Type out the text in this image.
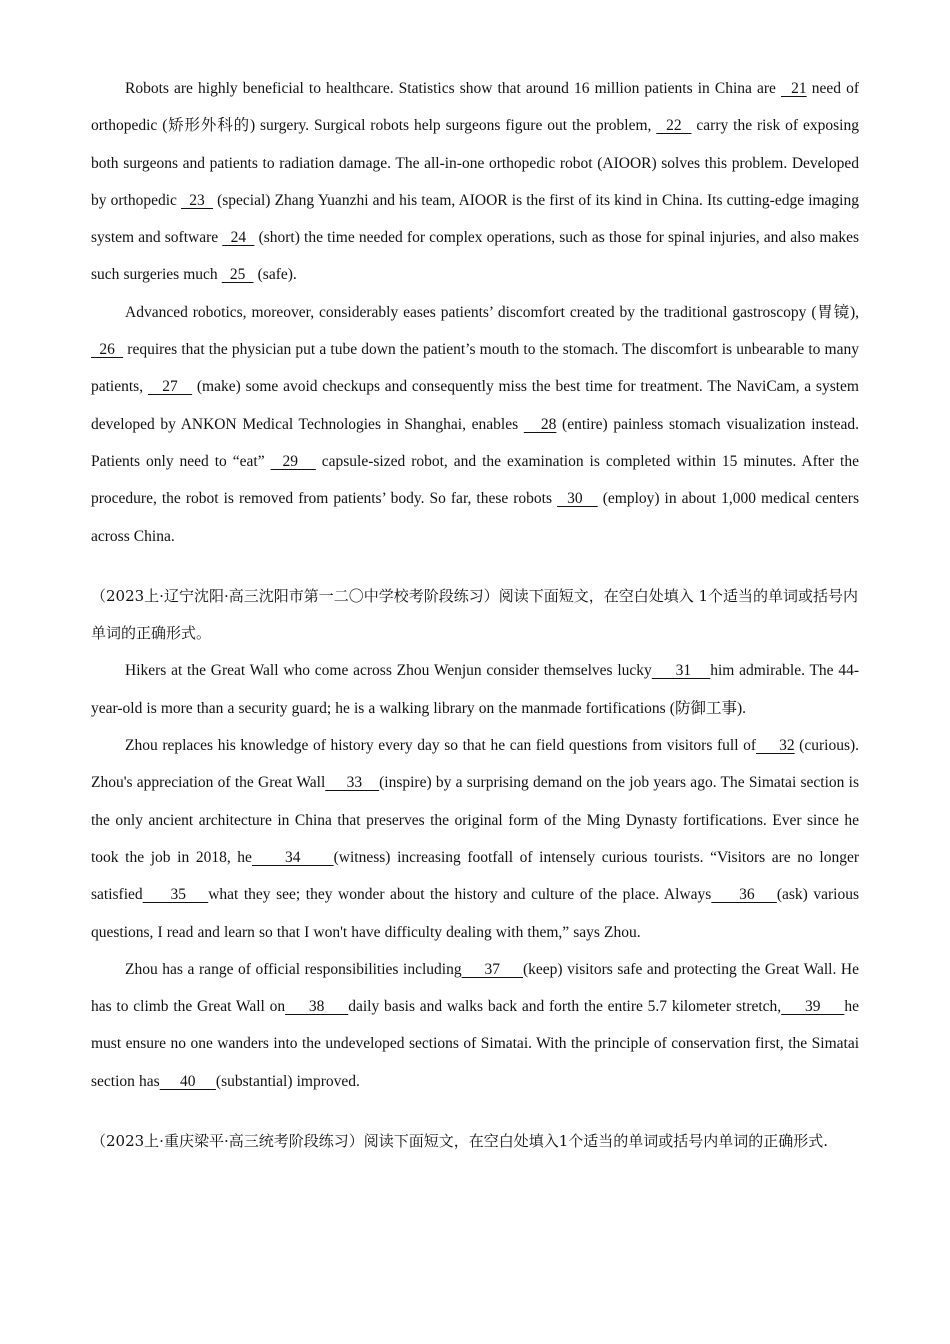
Robots are highly beneficial to healthcare. Statistics show that around 16 million patients in China are   21 need of orthopedic (矫形外科的) surgery. Surgical robots help surgeons figure out the problem,   22   carry the risk of exposing both surgeons and patients to radiation damage. The all-in-one orthopedic robot (AIOOR) solves this problem. Developed by orthopedic   23   (special) Zhang Yuanzhi and his team, AIOOR is the first of its kind in China. Its cutting-edge imaging system and software   24   (short) the time needed for complex operations, such as those for spinal injuries, and also makes such surgeries much   25   (safe).

Advanced robotics, moreover, considerably eases patients’ discomfort created by the traditional gastroscopy (胃镜),   26   requires that the physician put a tube down the patient’s mouth to the stomach. The discomfort is unbearable to many patients,    27    (make) some avoid checkups and consequently miss the best time for treatment. The NaviCam, a system developed by ANKON Medical Technologies in Shanghai, enables    28 (entire) painless stomach visualization instead. Patients only need to “eat”   29    capsule-sized robot, and the examination is completed within 15 minutes. After the procedure, the robot is removed from patients’ body. So far, these robots   30    (employ) in about 1,000 medical centers across China.

（2023上·辽宁沈阳·高三沈阳市第一二〇中学校考阶段练习）阅读下面短文，在空白处填入 1个适当的单词或括号内单词的正确形式。

Hikers at the Great Wall who come across Zhou Wenjun consider themselves lucky     31    him admirable. The 44-year-old is more than a security guard; he is a walking library on the manmade fortifications (防御工事).

Zhou replaces his knowledge of history every day so that he can field questions from visitors full of     32 (curious). Zhou's appreciation of the Great Wall     33    (inspire) by a surprising demand on the job years ago. The Simatai section is the only ancient architecture in China that preserves the original form of the Ming Dynasty fortifications. Ever since he took the job in 2018, he     34     (witness) increasing footfall of intensely curious tourists. “Visitors are no longer satisfied     35    what they see; they wonder about the history and culture of the place. Always     36    (ask) various questions, I read and learn so that I won't have difficulty dealing with them,” says Zhou.

Zhou has a range of official responsibilities including     37     (keep) visitors safe and protecting the Great Wall. He has to climb the Great Wall on     38     daily basis and walks back and forth the entire 5.7 kilometer stretch,     39     he must ensure no one wanders into the undeveloped sections of Simatai. With the principle of conservation first, the Simatai section has     40     (substantial) improved.

（2023上·重庆梁平·高三统考阶段练习）阅读下面短文，在空白处填入1个适当的单词或括号内单词的正确形式.
